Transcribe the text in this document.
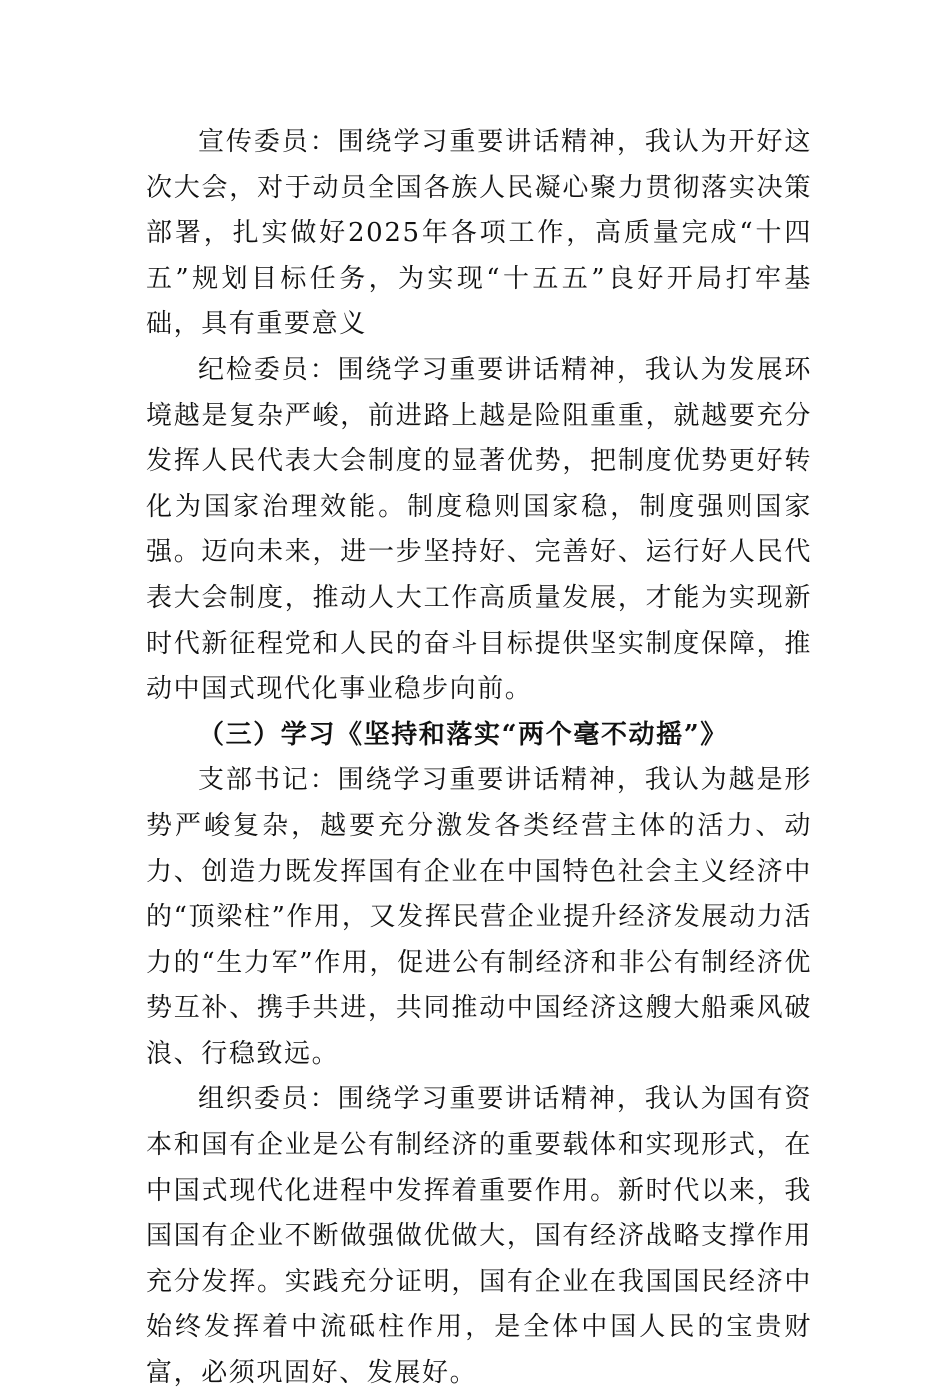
宣传委员：围绕学习重要讲话精神，我认为开好这次大会，对于动员全国各族人民凝心聚力贯彻落实决策部署，扎实做好2025年各项工作，高质量完成“十四五”规划目标任务，为实现“十五五”良好开局打牢基础，具有重要意义

纪检委员：围绕学习重要讲话精神，我认为发展环境越是复杂严峻，前进路上越是险阻重重，就越要充分发挥人民代表大会制度的显著优势，把制度优势更好转化为国家治理效能。制度稳则国家稳，制度强则国家强。迈向未来，进一步坚持好、完善好、运行好人民代表大会制度，推动人大工作高质量发展，才能为实现新时代新征程党和人民的奋斗目标提供坚实制度保障，推动中国式现代化事业稳步向前。

（三）学习《坚持和落实“两个毫不动摇”》

支部书记：围绕学习重要讲话精神，我认为越是形势严峻复杂，越要充分激发各类经营主体的活力、动力、创造力既发挥国有企业在中国特色社会主义经济中的“顶梁柱”作用，又发挥民营企业提升经济发展动力活力的“生力军”作用，促进公有制经济和非公有制经济优势互补、携手共进，共同推动中国经济这艘大船乘风破浪、行稳致远。

组织委员：围绕学习重要讲话精神，我认为国有资本和国有企业是公有制经济的重要载体和实现形式，在中国式现代化进程中发挥着重要作用。新时代以来，我国国有企业不断做强做优做大，国有经济战略支撑作用充分发挥。实践充分证明，国有企业在我国国民经济中始终发挥着中流砥柱作用，是全体中国人民的宝贵财富，必须巩固好、发展好。
